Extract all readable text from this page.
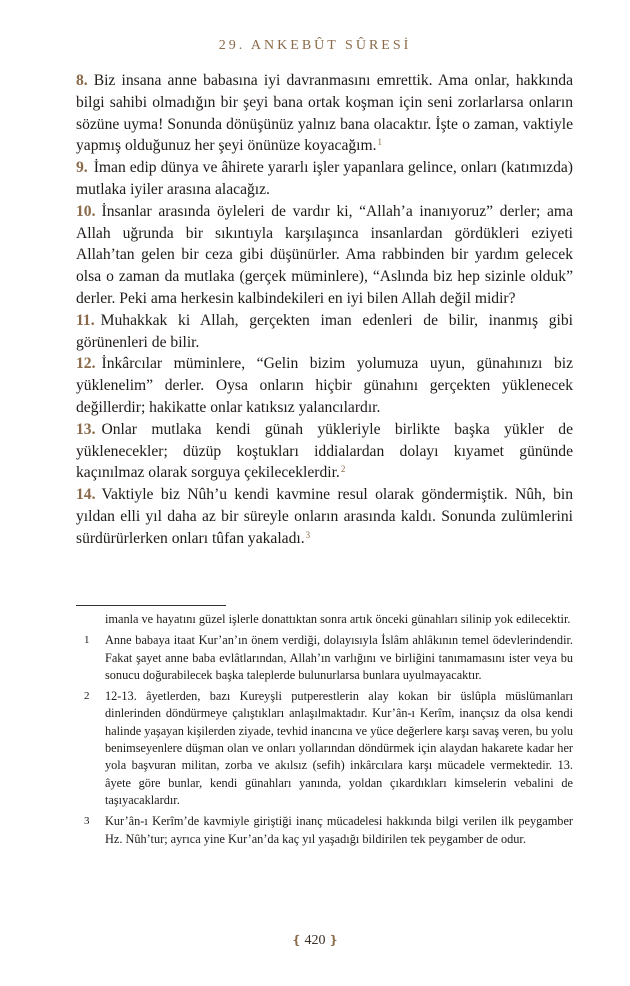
29. ANKEBÛT SÛRESİ

8. Biz insana anne babasına iyi davranmasını emrettik. Ama onlar, hakkında bilgi sahibi olmadığın bir şeyi bana ortak koşman için seni zorlarlarsa onların sözüne uyma! Sonunda dönüşünüz yalnız bana olacaktır. İşte o zaman, vaktiyle yapmış olduğunuz her şeyi önünüze koyacağım.$^1$

9. İman edip dünya ve âhirete yararlı işler yapanlara gelince, onları (katımızda) mutlaka iyiler arasına alacağız.

10. İnsanlar arasında öyleleri de vardır ki, “Allah’a inanıyoruz” derler; ama Allah uğrunda bir sıkıntıyla karşılaşınca insanlardan gördükleri eziyeti Allah’tan gelen bir ceza gibi düşünürler. Ama rabbinden bir yardım gelecek olsa o zaman da mutlaka (gerçek müminlere), “Aslında biz hep sizinle olduk” derler. Peki ama herkesin kalbindekileri en iyi bilen Allah değil midir?

11. Muhakkak ki Allah, gerçekten iman edenleri de bilir, inanmış gibi görünenleri de bilir.

12. İnkârcılar müminlere, “Gelin bizim yolumuza uyun, günahınızı biz yüklenelim” derler. Oysa onların hiçbir günahını gerçekten yüklenecek değillerdir; hakikatte onlar katıksız yalancılardır.

13. Onlar mutlaka kendi günah yükleriyle birlikte başka yükler de yüklenecekler; düzüp koştukları iddialardan dolayı kıyamet gününde kaçınılmaz olarak sorguya çekileceklerdir.$^2$

14. Vaktiyle biz Nûh’u kendi kavmine resul olarak göndermiştik. Nûh, bin yıldan elli yıl daha az bir süreyle onların arasında kaldı. Sonunda zulümlerini sürdürürlerken onları tûfan yakaladı.$^3$

imanla ve hayatını güzel işlerle donattıktan sonra artık önceki günahları silinip yok edilecektir.
1 Anne babaya itaat Kur’an’ın önem verdiği, dolayısıyla İslâm ahlâkının temel ödevlerindendir. Fakat şayet anne baba evlâtlarından, Allah’ın varlığını ve birliğini tanımamasını ister veya bu sonucu doğurabilecek başka taleplerde bulunurlarsa bunlara uyulmayacaktır.
2 12-13. âyetlerden, bazı Kureyşli putperestlerin alay kokan bir üslûpla müslümanları dinlerinden döndürmeye çalıştıkları anlaşılmaktadır. Kur’ân-ı Kerîm, inançsız da olsa kendi halinde yaşayan kişilerden ziyade, tevhid inancına ve yüce değerlere karşı savaş veren, bu yolu benimseyenlere düşman olan ve onları yollarından döndürmek için alaydan hakarete kadar her yola başvuran militan, zorba ve akılsız (sefih) inkârcılara karşı mücadele vermektedir. 13. âyete göre bunlar, kendi günahları yanında, yoldan çıkardıkları kimselerin vebalini de taşıyacaklardır.
3 Kur’ân-ı Kerîm’de kavmiyle giriştiği inanç mücadelesi hakkında bilgi verilen ilk peygamber Hz. Nûh’tur; ayrıca yine Kur’an’da kaç yıl yaşadığı bildirilen tek peygamber de odur.
❴ 420 ❵
